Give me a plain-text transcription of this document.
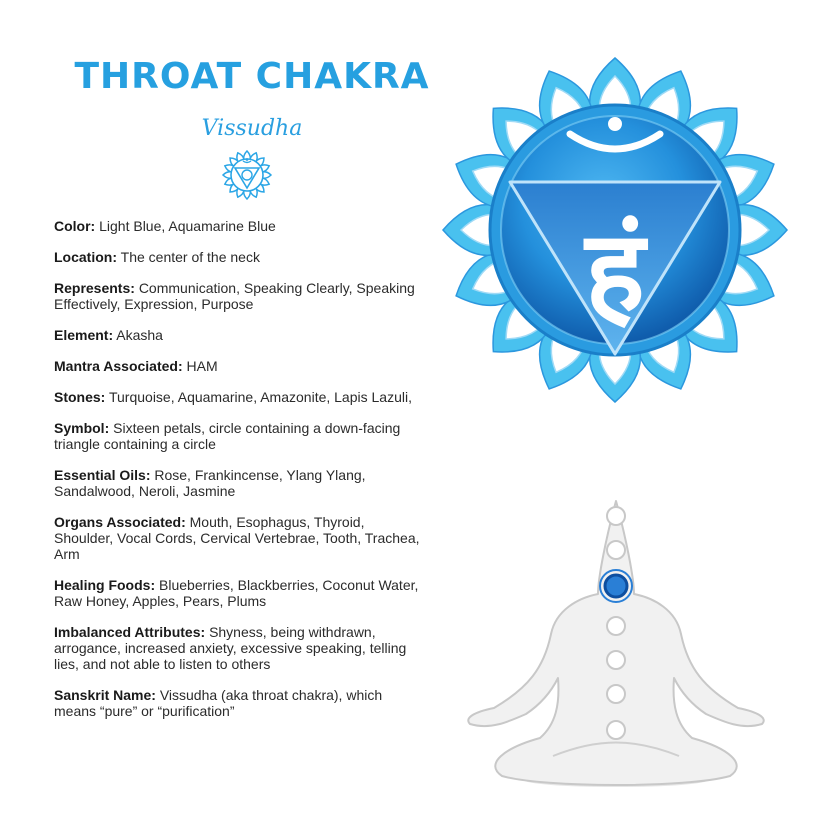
THROAT CHAKRA
Vissudha
Color: Light Blue, Aquamarine Blue
Location: The center of the neck
Represents: Communication, Speaking Clearly, Speaking Effectively, Expression, Purpose
Element: Akasha
Mantra Associated: HAM
Stones: Turquoise, Aquamarine, Amazonite, Lapis Lazuli,
Symbol: Sixteen petals, circle containing a down-facing triangle containing a circle
Essential Oils: Rose, Frankincense, Ylang Ylang, Sandalwood, Neroli, Jasmine
Organs Associated: Mouth, Esophagus, Thyroid, Shoulder, Vocal Cords, Cervical Vertebrae, Tooth, Trachea, Arm
Healing Foods: Blueberries, Blackberries, Coconut Water, Raw Honey, Apples, Pears, Plums
Imbalanced Attributes: Shyness, being withdrawn, arrogance, increased anxiety, excessive speaking, telling lies, and not able to listen to others
Sanskrit Name: Vissudha (aka throat chakra), which means “pure” or “purification”
हं
